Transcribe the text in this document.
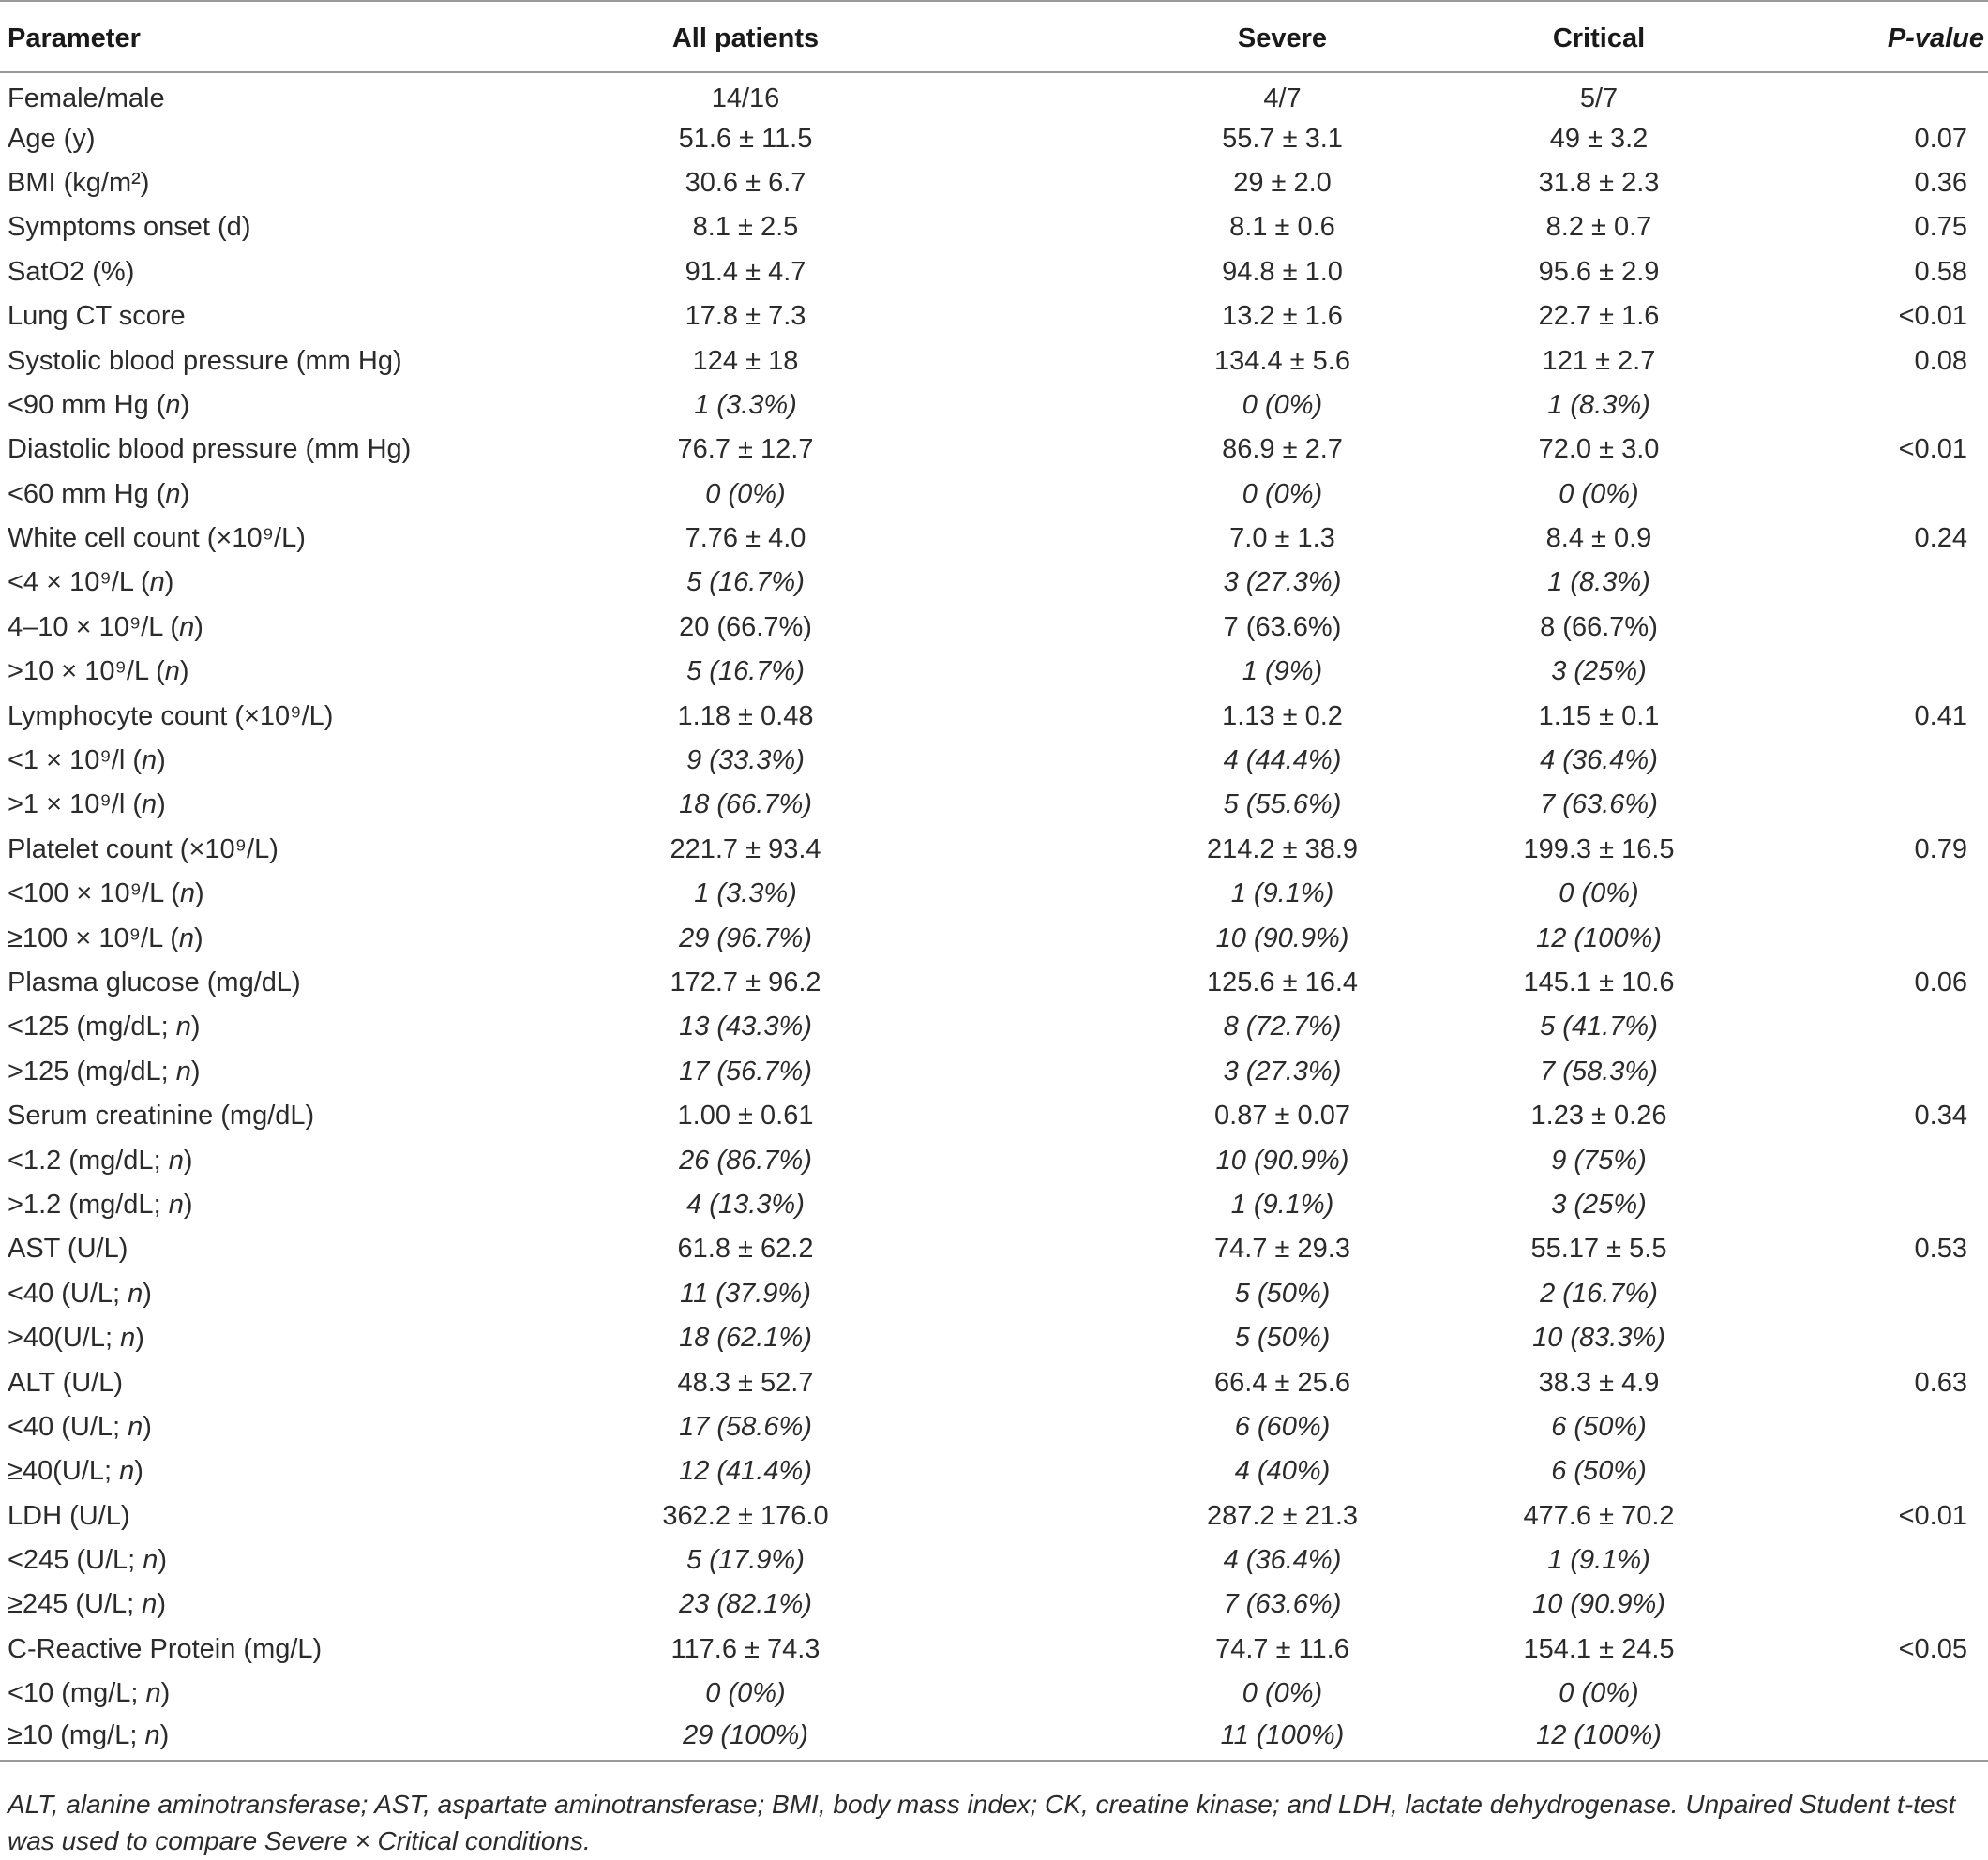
Parameter	All patients	Severe	Critical	P-value
Female/male	14/16	4/7	5/7	
Age (y)	51.6 ± 11.5	55.7 ± 3.1	49 ± 3.2	0.07
BMI (kg/m²)	30.6 ± 6.7	29 ± 2.0	31.8 ± 2.3	0.36
Symptoms onset (d)	8.1 ± 2.5	8.1 ± 0.6	8.2 ± 0.7	0.75
SatO2 (%)	91.4 ± 4.7	94.8 ± 1.0	95.6 ± 2.9	0.58
Lung CT score	17.8 ± 7.3	13.2 ± 1.6	22.7 ± 1.6	<0.01
Systolic blood pressure (mm Hg)	124 ± 18	134.4 ± 5.6	121 ± 2.7	0.08
<90 mm Hg (n)	1 (3.3%)	0 (0%)	1 (8.3%)	
Diastolic blood pressure (mm Hg)	76.7 ± 12.7	86.9 ± 2.7	72.0 ± 3.0	<0.01
<60 mm Hg (n)	0 (0%)	0 (0%)	0 (0%)	
White cell count (×10⁹/L)	7.76 ± 4.0	7.0 ± 1.3	8.4 ± 0.9	0.24
<4 × 10⁹/L (n)	5 (16.7%)	3 (27.3%)	1 (8.3%)	
4–10 × 10⁹/L (n)	20 (66.7%)	7 (63.6%)	8 (66.7%)	
>10 × 10⁹/L (n)	5 (16.7%)	1 (9%)	3 (25%)	
Lymphocyte count (×10⁹/L)	1.18 ± 0.48	1.13 ± 0.2	1.15 ± 0.1	0.41
<1 × 10⁹/l (n)	9 (33.3%)	4 (44.4%)	4 (36.4%)	
>1 × 10⁹/l (n)	18 (66.7%)	5 (55.6%)	7 (63.6%)	
Platelet count (×10⁹/L)	221.7 ± 93.4	214.2 ± 38.9	199.3 ± 16.5	0.79
<100 × 10⁹/L (n)	1 (3.3%)	1 (9.1%)	0 (0%)	
≥100 × 10⁹/L (n)	29 (96.7%)	10 (90.9%)	12 (100%)	
Plasma glucose (mg/dL)	172.7 ± 96.2	125.6 ± 16.4	145.1 ± 10.6	0.06
<125 (mg/dL; n)	13 (43.3%)	8 (72.7%)	5 (41.7%)	
>125 (mg/dL; n)	17 (56.7%)	3 (27.3%)	7 (58.3%)	
Serum creatinine (mg/dL)	1.00 ± 0.61	0.87 ± 0.07	1.23 ± 0.26	0.34
<1.2 (mg/dL; n)	26 (86.7%)	10 (90.9%)	9 (75%)	
>1.2 (mg/dL; n)	4 (13.3%)	1 (9.1%)	3 (25%)	
AST (U/L)	61.8 ± 62.2	74.7 ± 29.3	55.17 ± 5.5	0.53
<40 (U/L; n)	11 (37.9%)	5 (50%)	2 (16.7%)	
>40(U/L; n)	18 (62.1%)	5 (50%)	10 (83.3%)	
ALT (U/L)	48.3 ± 52.7	66.4 ± 25.6	38.3 ± 4.9	0.63
<40 (U/L; n)	17 (58.6%)	6 (60%)	6 (50%)	
≥40(U/L; n)	12 (41.4%)	4 (40%)	6 (50%)	
LDH (U/L)	362.2 ± 176.0	287.2 ± 21.3	477.6 ± 70.2	<0.01
<245 (U/L; n)	5 (17.9%)	4 (36.4%)	1 (9.1%)	
≥245 (U/L; n)	23 (82.1%)	7 (63.6%)	10 (90.9%)	
C-Reactive Protein (mg/L)	117.6 ± 74.3	74.7 ± 11.6	154.1 ± 24.5	<0.05
<10 (mg/L; n)	0 (0%)	0 (0%)	0 (0%)	
≥10 (mg/L; n)	29 (100%)	11 (100%)	12 (100%)	
ALT, alanine aminotransferase; AST, aspartate aminotransferase; BMI, body mass index; CK, creatine kinase; and LDH, lactate dehydrogenase. Unpaired Student t-test
was used to compare Severe × Critical conditions.
